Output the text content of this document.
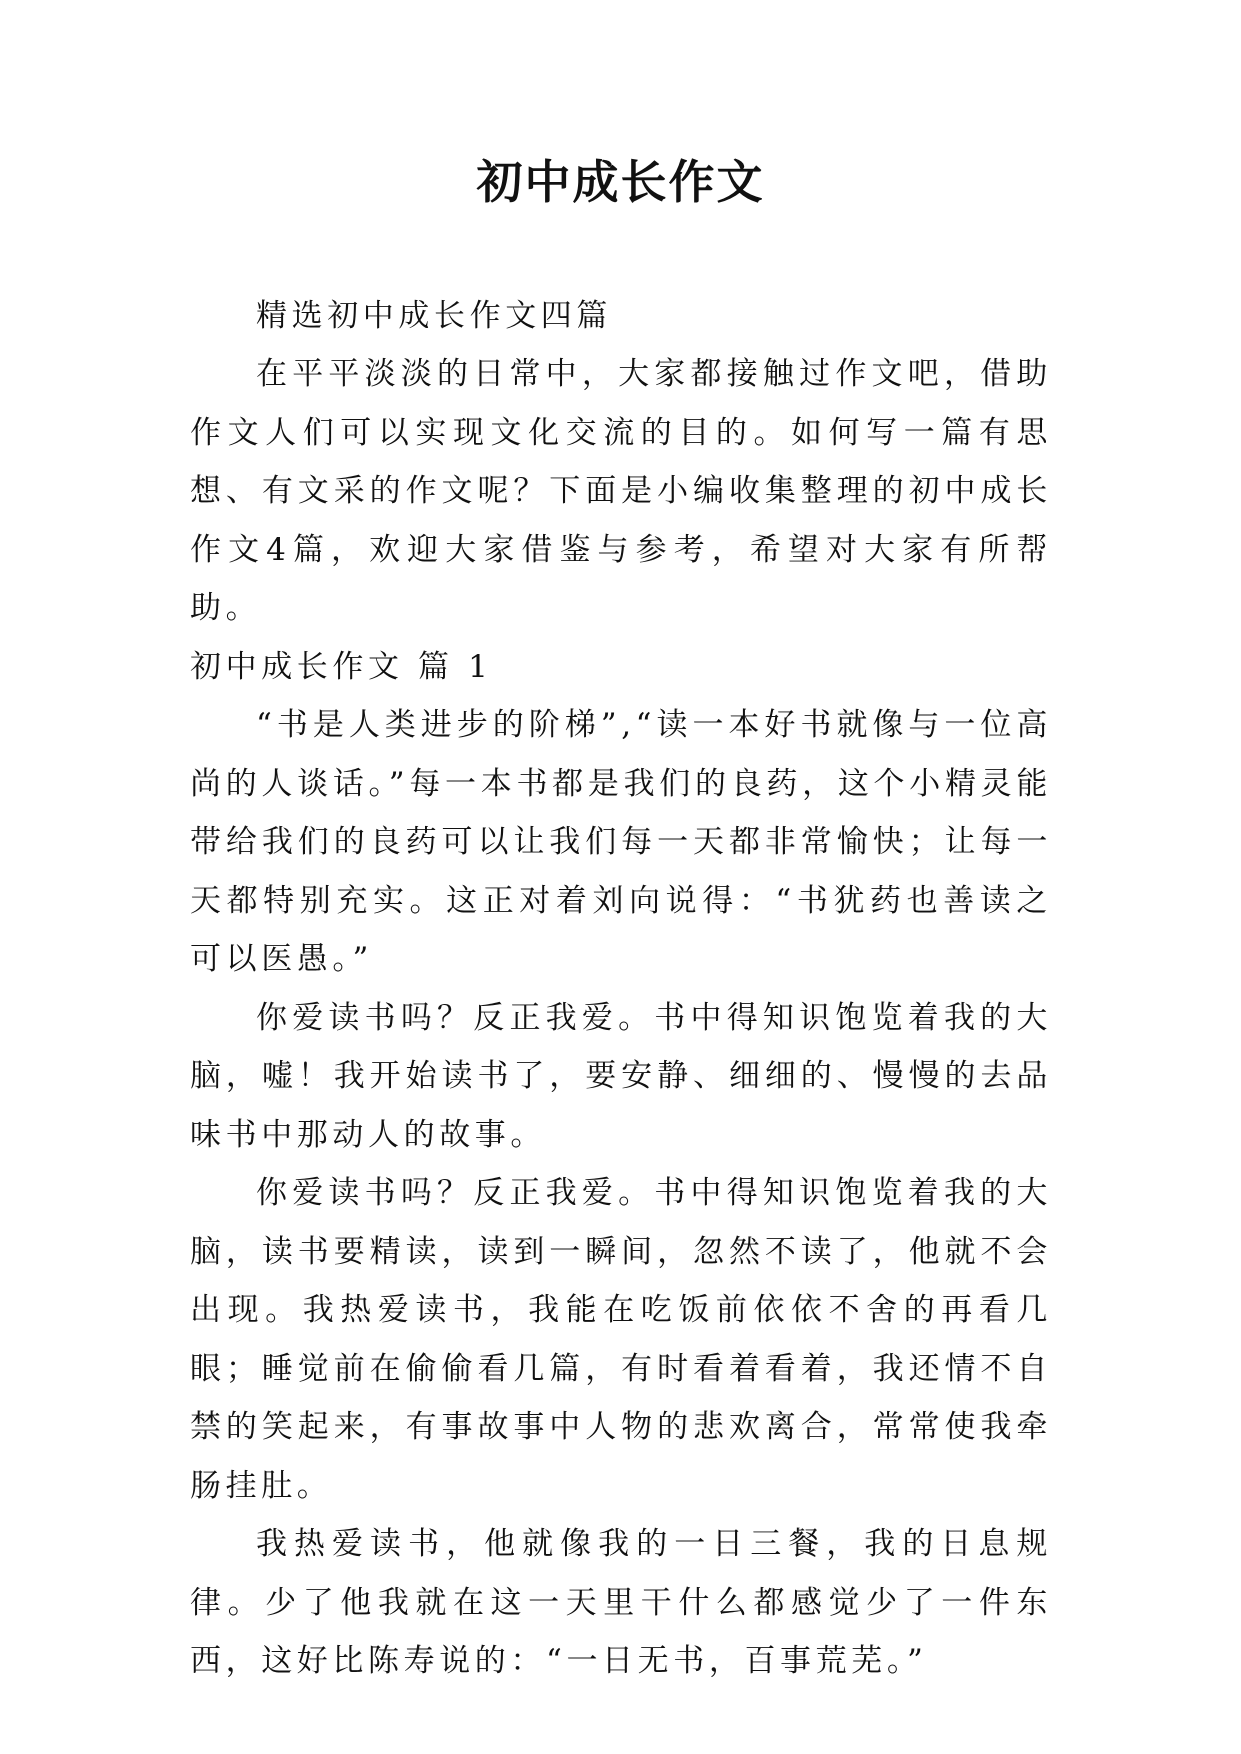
初中成长作文

精选初中成长作文四篇

在平平淡淡的日常中，大家都接触过作文吧，借助作文人们可以实现文化交流的目的。如何写一篇有思想、有文采的作文呢？下面是小编收集整理的初中成长作文4篇，欢迎大家借鉴与参考，希望对大家有所帮助。

初中成长作文 篇 1

“书是人类进步的阶梯”,“读一本好书就像与一位高尚的人谈话。”每一本书都是我们的良药，这个小精灵能带给我们的良药可以让我们每一天都非常愉快；让每一天都特别充实。这正对着刘向说得：“书犹药也善读之可以医愚。”

你爱读书吗？反正我爱。书中得知识饱览着我的大脑，嘘！我开始读书了，要安静、细细的、慢慢的去品味书中那动人的故事。

你爱读书吗？反正我爱。书中得知识饱览着我的大脑，读书要精读，读到一瞬间，忽然不读了，他就不会出现。我热爱读书，我能在吃饭前依依不舍的再看几眼；睡觉前在偷偷看几篇，有时看着看着，我还情不自禁的笑起来，有事故事中人物的悲欢离合，常常使我牵肠挂肚。

我热爱读书，他就像我的一日三餐，我的日息规律。少了他我就在这一天里干什么都感觉少了一件东西，这好比陈寿说的：“一日无书，百事荒芜。”
